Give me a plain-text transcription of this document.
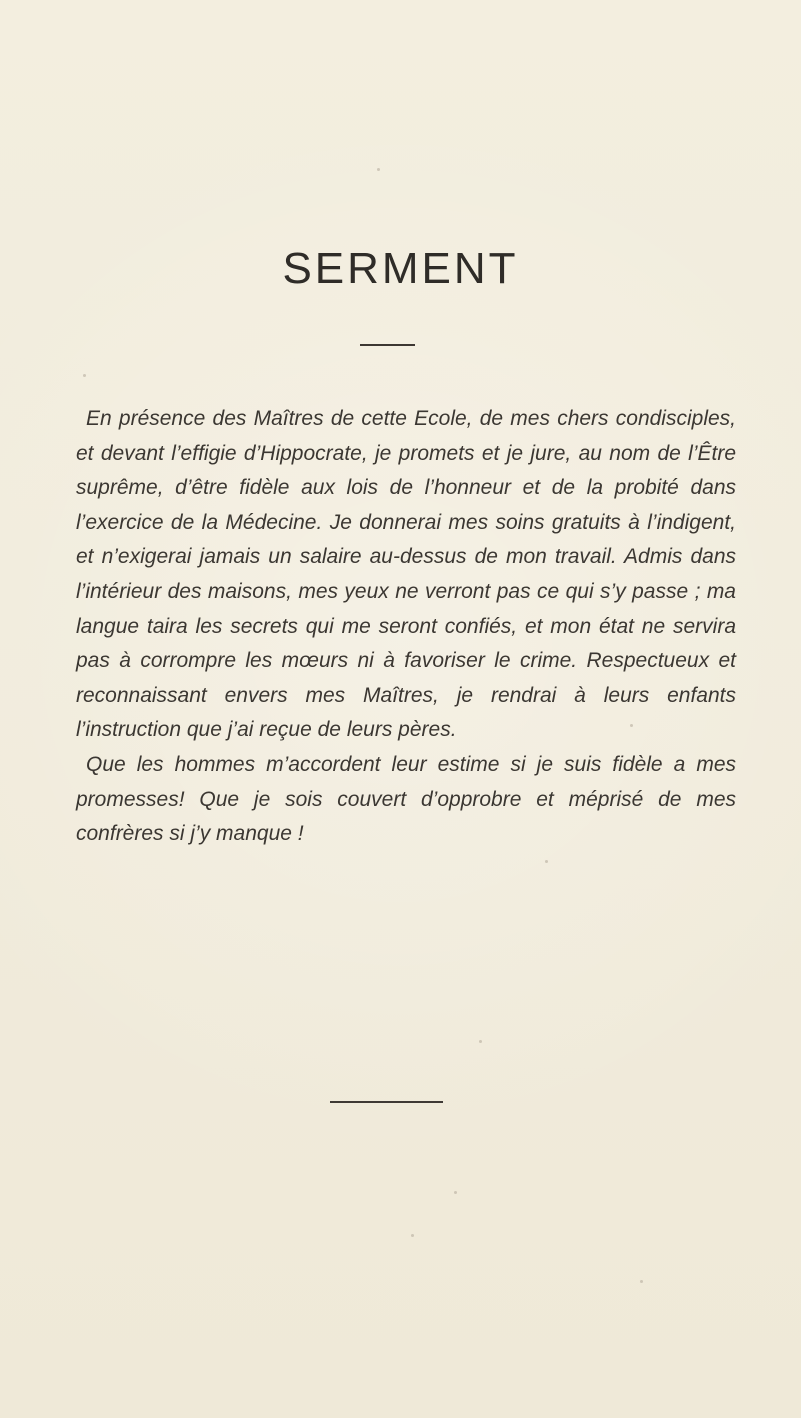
SERMENT

En présence des Maîtres de cette Ecole, de mes chers condisciples, et devant l’effigie d’Hippocrate, je promets et je jure, au nom de l’Être suprême, d’être fidèle aux lois de l’honneur et de la probité dans l’exercice de la Médecine. Je donnerai mes soins gratuits à l’indigent, et n’exigerai jamais un salaire au-dessus de mon travail. Admis dans l’intérieur des maisons, mes yeux ne verront pas ce qui s’y passe ; ma langue taira les secrets qui me seront confiés, et mon état ne servira pas à corrompre les mœurs ni à favoriser le crime. Respectueux et reconnaissant envers mes Maîtres, je rendrai à leurs enfants l’instruction que j’ai reçue de leurs pères.

Que les hommes m’accordent leur estime si je suis fidèle a mes promesses! Que je sois couvert d’opprobre et méprisé de mes confrères si j’y manque !
